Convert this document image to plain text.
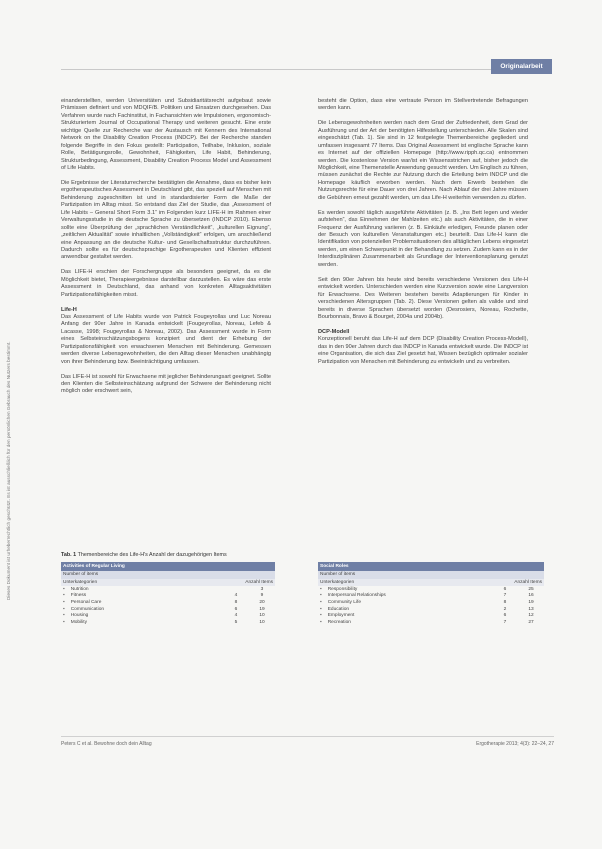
Dieses Dokument ist urheberrechtlich geschützt. Es ist ausschließlich für den persönlichen Gebrauch des Nutzers bestimmt.
Originalarbeit

einanderstellten, werden Universitäten und Subsidiaritätsrecht aufgebaut sowie Prämissen definiert und von MDQIF/B. Politiken und Einsatzen durchgesehen. Das Verfahren wurde nach Fachinstitut, in Fachansichten wie Impulsionen, ergonomisch-Strukturiertem Journal of Occupational Therapy und weiteren gesucht. Eine erste wichtige Quelle zur Recherche war der Austausch mit Kennern des International Network on the Disability Creation Process (INDCP). Bei der Recherche standen folgende Begriffe in den Fokus gestellt: Participation, Teilhabe, Inklusion, soziale Rolle, Betätigungsrolle, Gewohnheit, Fähigkeiten, Life Habit, Behinderung, Strukturbedingung, Assessment, Disability Creation Process Model und Assessment of Life Habits.

Die Ergebnisse der Literaturrecherche bestätigten die Annahme, dass es bisher kein ergotherapeutisches Assessment in Deutschland gibt, das speziell auf Menschen mit Behinderung zugeschnitten ist und in standardisierter Form die Maße der Partizipation im Alltag misst. So entstand das Ziel der Studie, das „Assessment of Life Habits – General Short Form 3.1“ im Folgenden kurz LIFE-H im Rahmen einer Verwaltungsstudie in die deutsche Sprache zu übersetzen (INDCP 2010). Ebenso sollte eine Überprüfung der „sprachlichen Verständlichkeit“, „kulturellen Eignung“, „zeitlichen Aktualität“ sowie inhaltlichen „Vollständigkeit“ erfolgen, um anschließend eine Anpassung an die deutsche Kultur- und Gesellschaftsstruktur durchzuführen. Dadurch sollte es für deutschsprachige Ergotherapeuten und Klienten effizient anwendbar gestaltet werden.

Das LIFE-H erschien der Forschergruppe als besonders geeignet, da es die Möglichkeit bietet, Therapieergebnisse darstellbar darzustellen. Es wäre das erste Assessment in Deutschland, das anhand von konkreten Alltagsaktivitäten Partizipationsfähigkeiten misst.

Life-H

Das Assessment of Life Habits wurde von Patrick Fougeyrollas und Luc Noreau Anfang der 90er Jahre in Kanada entwickelt (Fougeyrollas, Noreau, Lefeb & Lacasse, 1998; Fougeyrollas & Noreau, 2002). Das Assessment wurde in Form eines Selbsteinschätzungsbogens konzipiert und dient der Erhebung der Partizipationsfähigkeit von erwachsenen Menschen mit Behinderung. Gemessen werden diverse Lebensgewohnheiten, die den Alltag dieser Menschen unabhängig von ihrer Behinderung bzw. Beeinträchtigung umfassen.

Das LIFE-H ist sowohl für Erwachsene mit jeglicher Behinderungsart geeignet. Sollte den Klienten die Selbsteinschätzung aufgrund der Schwere der Behinderung nicht möglich oder erschwert sein,

besteht die Option, dass eine vertraute Person im Stellvertretende Befragungen werden kann.

Die Lebensgewohnheiten werden nach dem Grad der Zufriedenheit, dem Grad der Ausführung und der Art der benötigten Hilfestellung unterschieden. Alle Skalen sind eingeschätzt (Tab. 1). Sie sind in 12 festgelegte Themenbereiche gegliedert und umfassen insgesamt 77 Items. Das Original Assessment ist englische Sprache kann es Internet auf der offiziellen Homepage (http://www.ripph.qc.ca) entnommen werden. Die kostenlose Version war/ist ein Wissensstrichen auf, bisher jedoch die Möglichkeit, eine Themenstelle Anwendung gesucht werden. Um Englisch zu führen, müssen zunächst die Rechte zur Nutzung durch die Erteilung beim INDCP und die Homepage käuflich erworben werden. Nach dem Erwerb bestehen die Nutzungsrechte für eine Dauer von drei Jahren. Nach Ablauf der drei Jahre müssen die Gebühren erneut gezahlt werden, um das Life-H weiterhin verwenden zu dürfen.

Es werden sowohl täglich ausgeführte Aktivitäten (z. B. „Ins Bett legen und wieder aufstehen“, das Einnehmen der Mahlzeiten etc.) als auch Aktivitäten, die in einer Frequenz der Ausführung variieren (z. B. Einkäufe erledigen, Freunde planen oder der Besuch von kulturellen Veranstaltungen etc.) beurteilt. Das Life-H kann die Identifikation von potenziellen Problemsituationen des alltäglichen Lebens eingesetzt werden, um einen Schwerpunkt in der Behandlung zu setzen. Zudem kann es in der Interdisziplinären Zusammenarbeit als Grundlage der Interventionsplanung genutzt werden.

Seit den 90er Jahren bis heute sind bereits verschiedene Versionen des Life-H entwickelt worden. Unterschieden werden eine Kurzversion sowie eine Langversion für Erwachsene. Des Weiteren bestehen bereits Adaptierungen für Kinder in verschiedenen Altersgruppen (Tab. 2). Diese Versionen gelten als valide und sind bereits in diverse Sprachen übersetzt worden (Desrosiers, Noreau, Rochette, Bourbonnais, Bravo & Bourget, 2004a und 2004b).

DCP-Modell

Konzeptionell beruht das Life-H auf dem DCP (Disability Creation Process-Modell), das in den 90er Jahren durch das INDCP in Kanada entwickelt wurde. Die INDCP ist eine Organisation, die sich das Ziel gesetzt hat, Wissen bezüglich optimaler sozialer Partizipation von Menschen mit Behinderung zu entwickeln und zu verbreiten.

Tab. 1 Themenbereiche des Life-H's Anzahl der dazugehörigen Items
Activities of Regular Living		
Number of items		
Unterkategorien	Anzahl Items	
▪ Nutrition		3
▪ Fitness	4	9
▪ Personal Care	8	20
▪ Communication	6	19
▪ Housing	4	10
▪ Mobility	5	10
Social Roles		
Number of items		
Unterkategorien	Anzahl Items	
▪ Responsibility	6	25
▪ Interpersonal Relationships	7	16
▪ Community Life	8	19
▪ Education	2	13
▪ Employment	6	12
▪ Recreation	7	27
Peters C et al. Bewohne doch dein Alltag	Ergotherapie 2013; 4(3): 22–24, 27
